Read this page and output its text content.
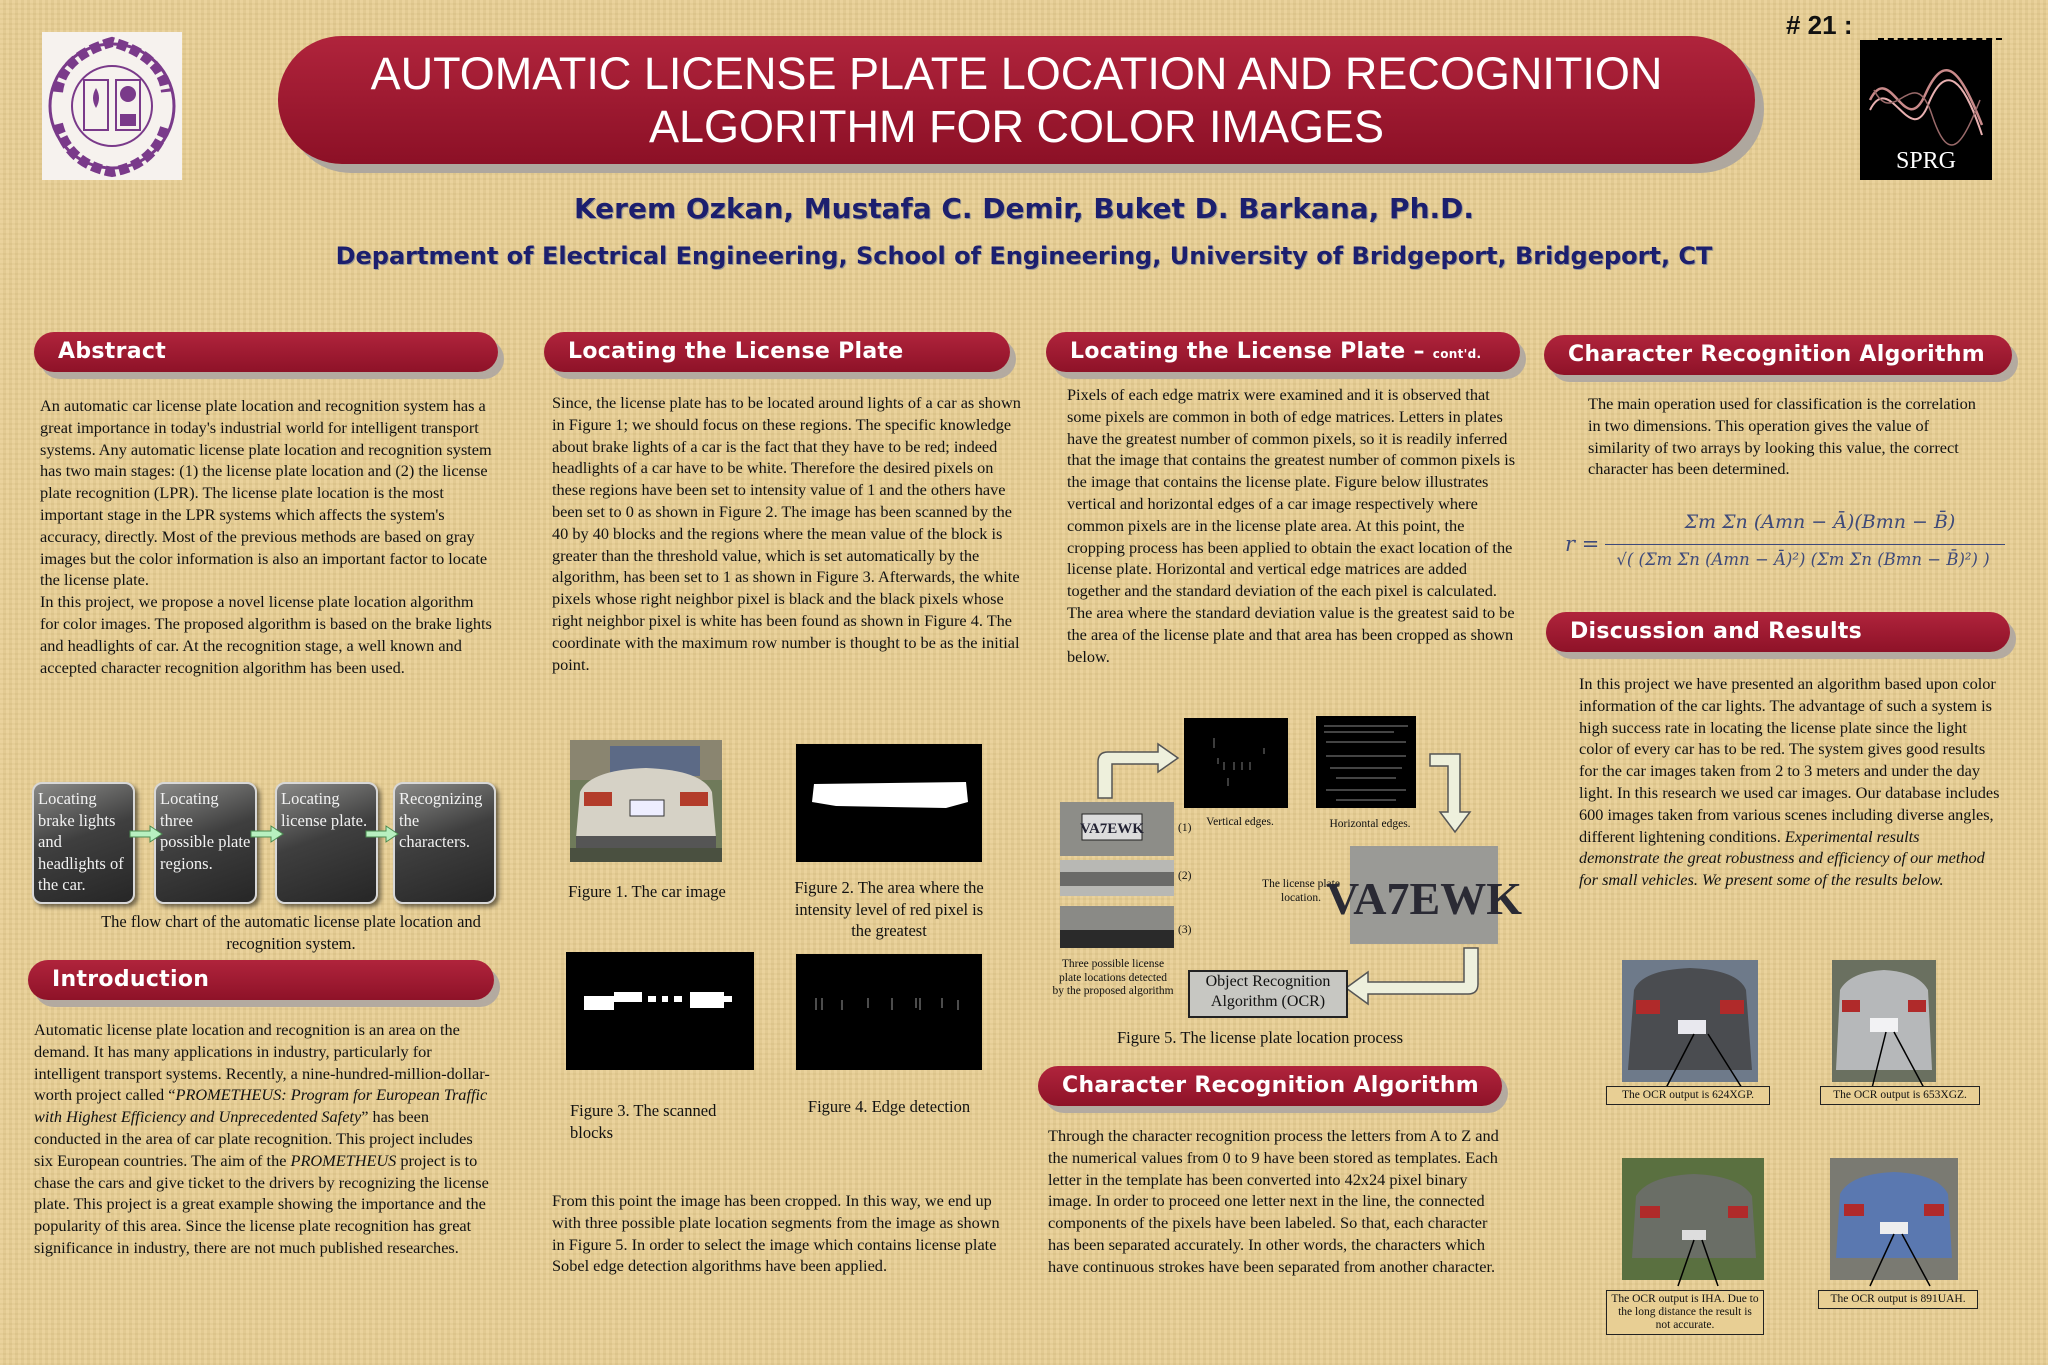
AUTOMATIC LICENSE PLATE LOCATION AND RECOGNITION
ALGORITHM FOR COLOR IMAGES
# 21 :
SPRG
Kerem Ozkan, Mustafa C. Demir, Buket D. Barkana, Ph.D.
Department of Electrical Engineering, School of Engineering, University of Bridgeport, Bridgeport, CT
Abstract

An automatic car license plate location and recognition system has a great importance in today's industrial world for intelligent transport systems. Any automatic license plate location and recognition system has two main stages: (1) the license plate location and (2) the license plate recognition (LPR). The license plate location is the most important stage in the LPR systems which affects the system's accuracy, directly. Most of the previous methods are based on gray images but the color information is also an important factor to locate the license plate.

In this project, we propose a novel license plate location algorithm for color images. The proposed algorithm is based on the brake lights and headlights of car. At the recognition stage, a well known and accepted character recognition algorithm has been used.

Locating brake lights and headlights of the car.
Locating three possible plate regions.
Locating license plate.
Recognizing the characters.
The flow chart of the automatic license plate location and recognition system.
Introduction

Automatic license plate location and recognition is an area on the demand. It has many applications in industry, particularly for intelligent transport systems. Recently, a nine-hundred-million-dollar-worth project called “PROMETHEUS: Program for European Traffic with Highest Efficiency and Unprecedented Safety” has been conducted in the area of car plate recognition. This project includes six European countries. The aim of the PROMETHEUS project is to chase the cars and give ticket to the drivers by recognizing the license plate. This project is a great example showing the importance and the popularity of this area. Since the license plate recognition has great significance in industry, there are not much published researches.

Locating the License Plate

Since, the license plate has to be located around lights of a car as shown in Figure 1; we should focus on these regions. The specific knowledge about brake lights of a car is the fact that they have to be red; indeed headlights of a car have to be white. Therefore the desired pixels on these regions have been set to intensity value of 1 and the others have been set to 0 as shown in Figure 2. The image has been scanned by the 40 by 40 blocks and the regions where the mean value of the block is greater than the threshold value, which is set automatically by the algorithm, has been set to 1 as shown in Figure 3. Afterwards, the white pixels whose right neighbor pixel is black and the black pixels whose right neighbor pixel is white has been found as shown in Figure 4. The coordinate with the maximum row number is thought to be as the initial point.

Figure 1. The car image	Figure 2. The area where the intensity level of red pixel is the greatest
Figure 3. The scanned blocks
Figure 4. Edge detection

From this point the image has been cropped. In this way, we end up with three possible plate location segments from the image as shown in Figure 5. In order to select the image which contains license plate Sobel edge detection algorithms have been applied.

Locating the License Plate – cont'd.

Pixels of each edge matrix were examined and it is observed that some pixels are common in both of edge matrices. Letters in plates have the greatest number of common pixels, so it is readily inferred that the image that contains the greatest number of common pixels is the image that contains the license plate. Figure below illustrates vertical and horizontal edges of a car image respectively where common pixels are in the license plate area. At this point, the cropping process has been applied to obtain the exact location of the license plate. Horizontal and vertical edge matrices are added together and the standard deviation of the each pixel is calculated. The area where the standard deviation value is the greatest said to be the area of the license plate and that area has been cropped as shown below.

VA7EWK	(1)
(2)
(3)
Three possible license plate locations detected by the proposed algorithm
Vertical edges.	Horizontal edges.
The license plate location. VA7EWK
Object Recognition Algorithm (OCR)
Figure 5. The license plate location process
Character Recognition Algorithm

Through the character recognition process the letters from A to Z and the numerical values from 0 to 9 have been stored as templates. Each letter in the template has been converted into 42x24 pixel binary image. In order to proceed one letter next in the line, the connected components of the pixels have been labeled. So that, each character has been separated accurately. In other words, the characters which have continuous strokes have been separated from another character.

Character Recognition Algorithm

The main operation used for classification is the correlation in two dimensions. This operation gives the value of similarity of two arrays by looking this value, the correct character has been determined.

r =
Σm Σn (Amn − Ā)(Bmn − B̄)
√( (Σm Σn (Amn − Ā)²) (Σm Σn (Bmn − B̄)²) )
Discussion and Results

In this project we have presented an algorithm based upon color information of the car lights. The advantage of such a system is high success rate in locating the license plate since the light color of every car has to be red. The system gives good results for the car images taken from 2 to 3 meters and under the day light. In this research we used car images. Our database includes 600 images taken from various scenes including diverse angles, different lightening conditions. Experimental results demonstrate the great robustness and efficiency of our method for small vehicles. We present some of the results below.

The OCR output is 624XGP.	The OCR output is 653XGZ.
The OCR output is IHA. Due to the long distance the result is not accurate.
The OCR output is 891UAH.
